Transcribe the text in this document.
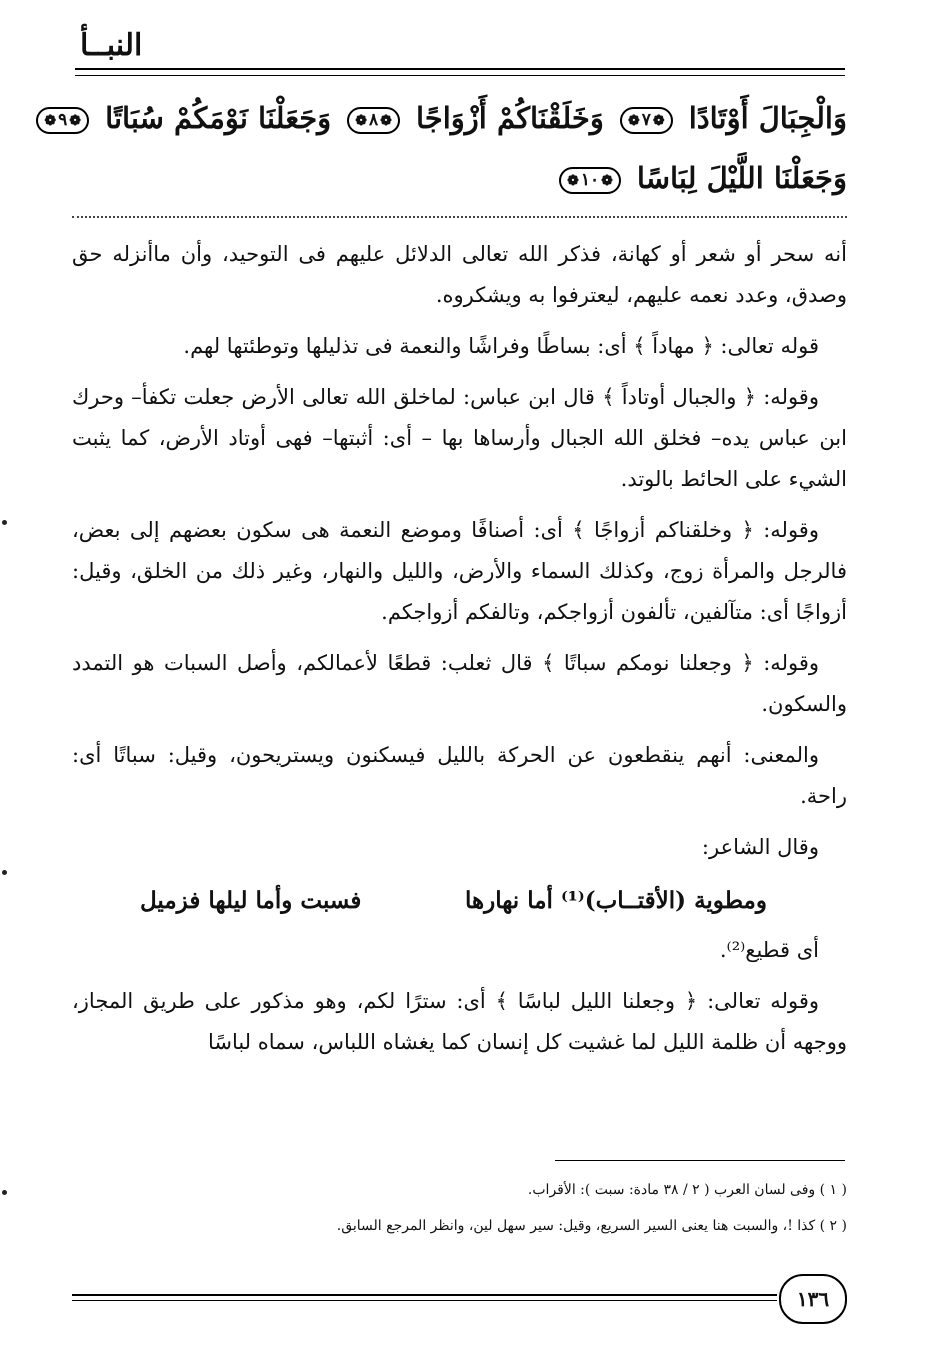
النبــأ
وَالْجِبَالَ أَوْتَادًا ❁ ٧ ❁ وَخَلَقْنَاكُمْ أَزْوَاجًا ❁ ٨ ❁ وَجَعَلْنَا نَوْمَكُمْ سُبَاتًا ❁ ٩ ❁
وَجَعَلْنَا اللَّيْلَ لِبَاسًا ❁ ١٠ ❁

أنه سحر أو شعر أو كهانة، فذكر الله تعالى الدلائل عليهم فى التوحيد، وأن ماأنزله حق وصدق، وعدد نعمه عليهم، ليعترفوا به ويشكروه.

قوله تعالى: ﴿ مهاداً ﴾ أى: بساطًا وفراشًا والنعمة فى تذليلها وتوطئتها لهم.

وقوله: ﴿ والجبال أوتاداً ﴾ قال ابن عباس: لماخلق الله تعالى الأرض جعلت تكفأ– وحرك ابن عباس يده– فخلق الله الجبال وأرساها بها – أى: أثبتها– فهى أوتاد الأرض، كما يثبت الشيء على الحائط بالوتد.

وقوله: ﴿ وخلقناكم أزواجًا ﴾ أى: أصنافًا وموضع النعمة هى سكون بعضهم إلى بعض، فالرجل والمرأة زوج، وكذلك السماء والأرض، والليل والنهار، وغير ذلك من الخلق، وقيل: أزواجًا أى: متآلفين، تألفون أزواجكم، وتالفكم أزواجكم.

وقوله: ﴿ وجعلنا نومكم سباتًا ﴾ قال ثعلب: قطعًا لأعمالكم، وأصل السبات هو التمدد والسكون.

والمعنى: أنهم ينقطعون عن الحركة بالليل فيسكنون ويستريحون، وقيل: سباتًا أى: راحة.

وقال الشاعر:

ومطوية (الأقتــاب)⁽¹⁾ أما نهارها
فسبت وأما ليلها فزميل

أى قطيع⁽²⁾.

وقوله تعالى: ﴿ وجعلنا الليل لباسًا ﴾ أى: سترًا لكم، وهو مذكور على طريق المجاز، ووجهه أن ظلمة الليل لما غشيت كل إنسان كما يغشاه اللباس، سماه لباسًا

( ١ ) وفى لسان العرب ( ٢ / ٣٨ مادة: سبت ): الأقراب.
( ٢ ) كذا !، والسبت هنا يعنى السير السريع، وقيل: سير سهل لين، وانظر المرجع السابق.
١٣٦
